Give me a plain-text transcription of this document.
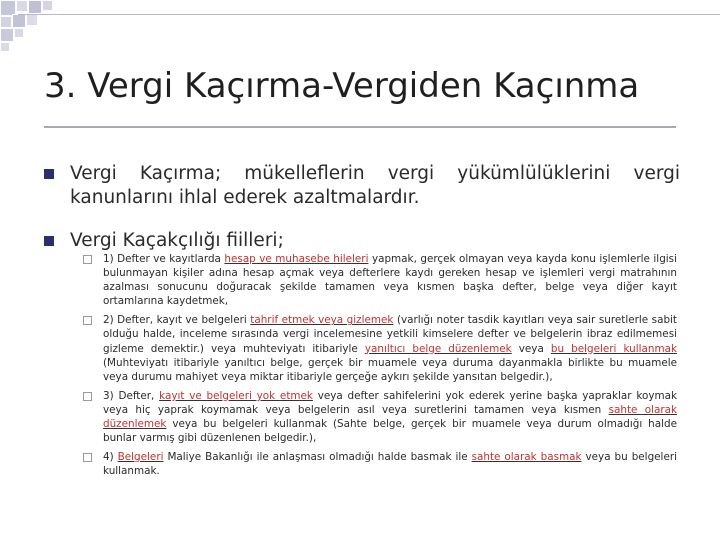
3. Vergi Kaçırma-Vergiden Kaçınma
Vergi Kaçırma; mükelleflerin vergi yükümlülüklerini vergi kanunlarını ihlal ederek azaltmalardır.
Vergi Kaçakçılığı fiilleri;
1) Defter ve kayıtlarda hesap ve muhasebe hileleri yapmak, gerçek olmayan veya kayda konu işlemlerle ilgisi bulunmayan kişiler adına hesap açmak veya defterlere kaydı gereken hesap ve işlemleri vergi matrahının azalması sonucunu doğuracak şekilde tamamen veya kısmen başka defter, belge veya diğer kayıt ortamlarına kaydetmek,
2) Defter, kayıt ve belgeleri tahrif etmek veya gizlemek (varlığı noter tasdik kayıtları veya sair suretlerle sabit olduğu halde, inceleme sırasında vergi incelemesine yetkili kimselere defter ve belgelerin ibraz edilmemesi gizleme demektir.) veya muhteviyatı itibariyle yanıltıcı belge düzenlemek veya bu belgeleri kullanmak (Muhteviyatı itibariyle yanıltıcı belge, gerçek bir muamele veya duruma dayanmakla birlikte bu muamele veya durumu mahiyet veya miktar itibariyle gerçeğe aykırı şekilde yansıtan belgedir.),
3) Defter, kayıt ve belgeleri yok etmek veya defter sahifelerini yok ederek yerine başka yapraklar koymak veya hiç yaprak koymamak veya belgelerin asıl veya suretlerini tamamen veya kısmen sahte olarak düzenlemek veya bu belgeleri kullanmak (Sahte belge, gerçek bir muamele veya durum olmadığı halde bunlar varmış gibi düzenlenen belgedir.),
4) Belgeleri Maliye Bakanlığı ile anlaşması olmadığı halde basmak ile sahte olarak basmak veya bu belgeleri kullanmak.
